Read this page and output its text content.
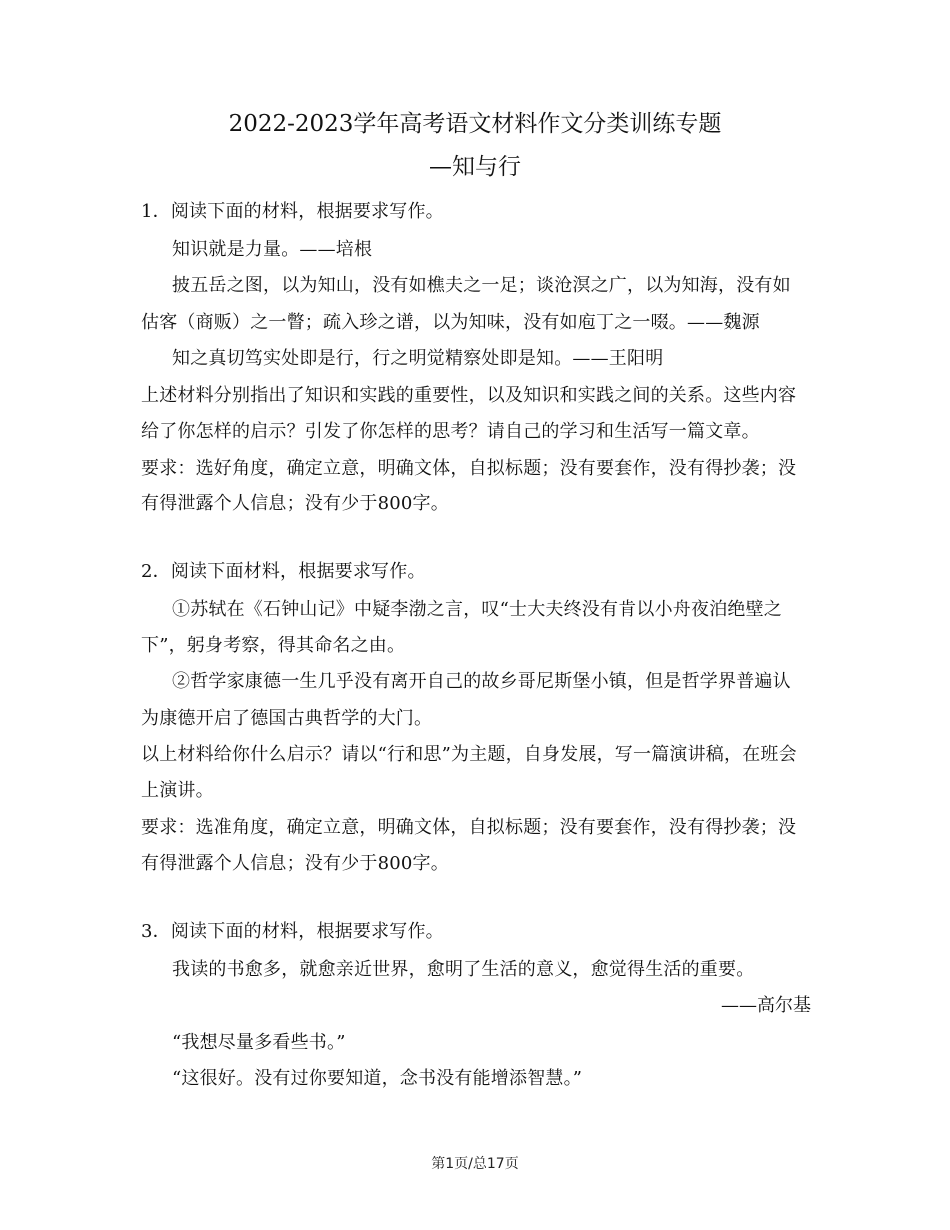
2022-2023学年高考语文材料作文分类训练专题
—知与行
1．阅读下面的材料，根据要求写作。
知识就是力量。——培根
披五岳之图，以为知山，没有如樵夫之一足；谈沧溟之广，以为知海，没有如
估客（商贩）之一瞥；疏入珍之谱，以为知味，没有如庖丁之一啜。——魏源
知之真切笃实处即是行，行之明觉精察处即是知。——王阳明
上述材料分别指出了知识和实践的重要性，以及知识和实践之间的关系。这些内容
给了你怎样的启示？引发了你怎样的思考？请自己的学习和生活写一篇文章。
要求：选好角度，确定立意，明确文体，自拟标题；没有要套作，没有得抄袭；没
有得泄露个人信息；没有少于800字。
2．阅读下面材料，根据要求写作。
①苏轼在《石钟山记》中疑李渤之言，叹“士大夫终没有肯以小舟夜泊绝壁之
下”，躬身考察，得其命名之由。
②哲学家康德一生几乎没有离开自己的故乡哥尼斯堡小镇，但是哲学界普遍认
为康德开启了德国古典哲学的大门。
以上材料给你什么启示？请以“行和思”为主题，自身发展，写一篇演讲稿，在班会
上演讲。
要求：选准角度，确定立意，明确文体，自拟标题；没有要套作，没有得抄袭；没
有得泄露个人信息；没有少于800字。
3．阅读下面的材料，根据要求写作。
我读的书愈多，就愈亲近世界，愈明了生活的意义，愈觉得生活的重要。
——高尔基
“我想尽量多看些书。”
“这很好。没有过你要知道，念书没有能增添智慧。”
第1页/总17页
